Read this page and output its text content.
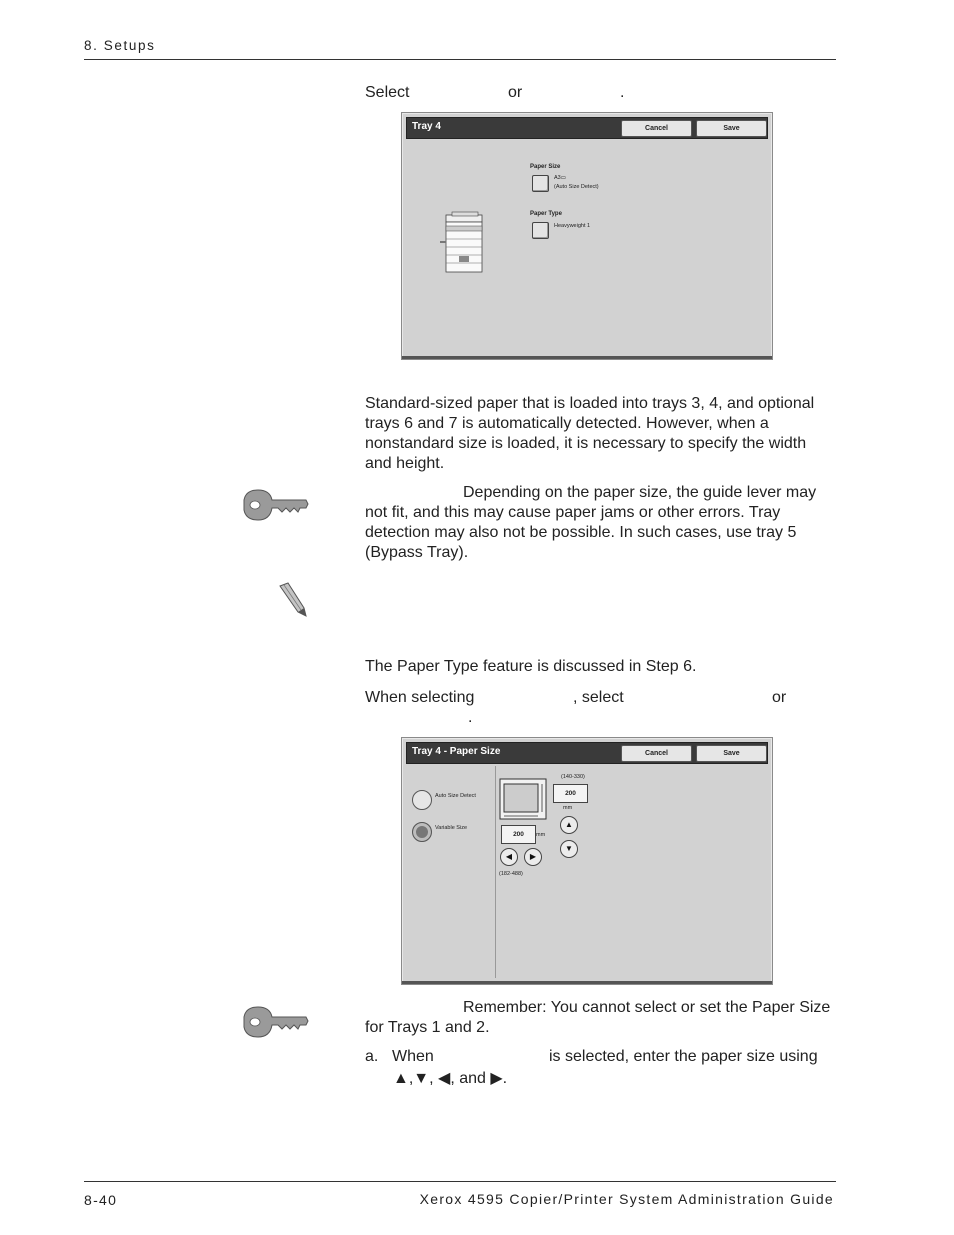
8. Setups
Select	or	.
Tray 4	Cancel	Save
Paper Size
A3▭
(Auto Size Detect)
Paper Type
Heavyweight 1
Standard-sized paper that is loaded into trays 3, 4, and optional trays 6 and 7 is automatically detected. However, when a nonstandard size is loaded, it is necessary to specify the width and height.
Depending on the paper size, the guide lever may not fit, and this may cause paper jams or other errors. Tray detection may also not be possible. In such cases, use tray 5 (Bypass Tray).
The Paper Type feature is discussed in Step 6.
When selecting	, select	or
.
Tray 4 - Paper Size	Cancel	Save
Auto Size Detect
Variable Size
(140-330)
200
mm
▲
▼
200	mm
◀	▶
(182-488)
Remember: You cannot select or set the Paper Size for Trays 1 and 2.
a. When	is selected, enter the paper size using
▲,▼, ◀, and ▶.
8-40	Xerox 4595 Copier/Printer System Administration Guide
